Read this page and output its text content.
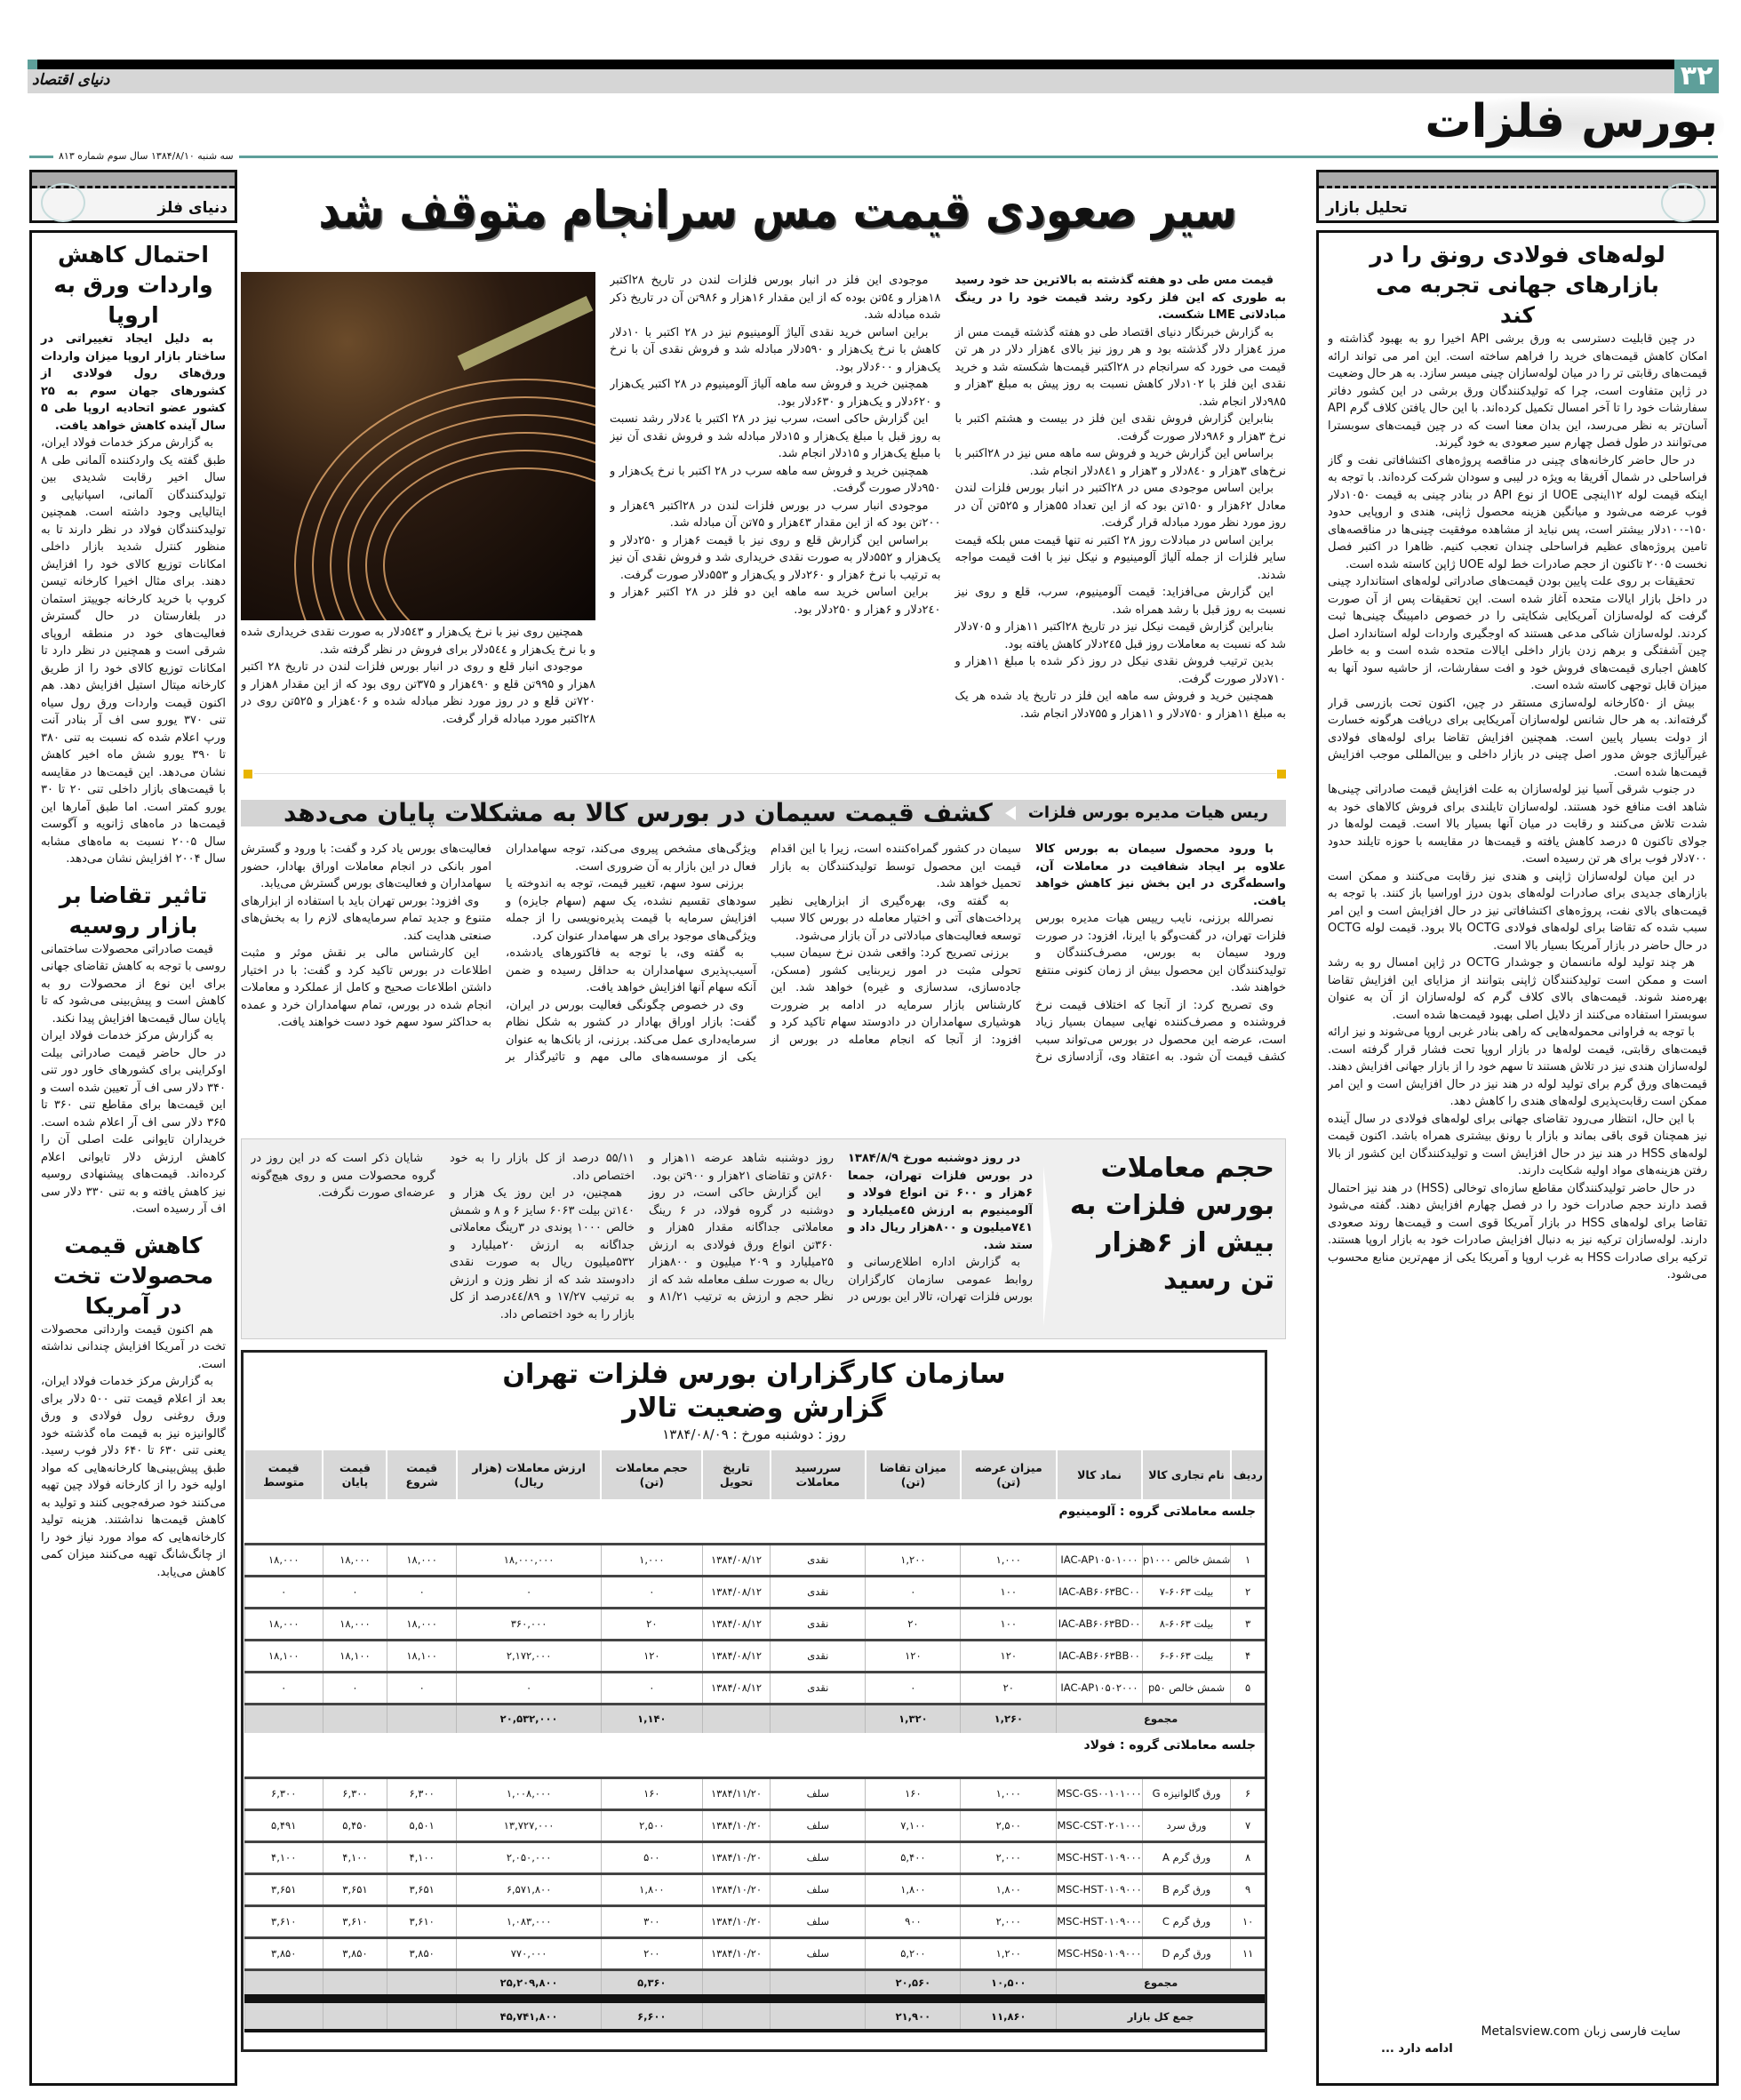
۳۲
دنیای اقتصاد
بورس فلزات
سه شنبه ۱۳۸۴/۸/۱۰ سال سوم شماره ۸۱۳
دنیای فلز
احتمال کاهش واردات ورق به اروپا

به دلیل ایجاد تغییراتی در ساختار بازار اروپا میزان واردات ورق‌های رول فولادی از کشورهای جهان سوم به ۲۵ کشور عضو اتحادیه اروپا طی ۵ سال آینده کاهش خواهد یافت.

به گزارش مرکز خدمات فولاد ایران، طبق گفته یک واردکننده آلمانی طی ۸ سال اخیر رقابت شدیدی بین تولیدکنندگان آلمانی، اسپانیایی و ایتالیایی وجود داشته است. همچنین تولیدکنندگان فولاد در نظر دارند تا به منظور کنترل شدید بازار داخلی امکانات توزیع کالای خود را افزایش دهند. برای مثال اخیرا کارخانه تیسن کروپ با خرید کارخانه جوییتز استمان در بلغارستان در حال گسترش فعالیت‌های خود در منطقه اروپای شرقی است و همچنین در نظر دارد تا امکانات توزیع کالای خود را از طریق کارخانه میتال استیل افزایش دهد. هم اکنون قیمت واردات ورق رول سیاه تنی ۳۷۰ یورو سی اف آر بنادر آنت ورپ اعلام شده که نسبت به تنی ۳۸۰ تا ۳۹۰ یورو شش ماه اخیر کاهش نشان می‌دهد. این قیمت‌ها در مقایسه با قیمت‌های بازار داخلی تنی ۲۰ تا ۳۰ یورو کمتر است. اما طبق آمارها این قیمت‌ها در ماه‌های ژانویه و آگوست سال ۲۰۰۵ نسبت به ماه‌های مشابه سال ۲۰۰۴ افزایش نشان می‌دهد.

تاثیر تقاضا بر بازار روسیه

قیمت صادراتی محصولات ساختمانی روسی با توجه به کاهش تقاضای جهانی برای این نوع از محصولات رو به کاهش است و پیش‌بینی می‌شود که تا پایان سال قیمت‌ها افزایش پیدا نکند.

به گزارش مرکز خدمات فولاد ایران در حال حاضر قیمت صادراتی بیلت اوکراینی برای کشورهای خاور دور تنی ۳۴۰ دلار سی اف آر تعیین شده است و این قیمت‌ها برای مقاطع تنی ۳۶۰ تا ۳۶۵ دلار سی اف آر اعلام شده است. خریداران تایوانی علت اصلی آن را کاهش ارزش دلار تایوانی اعلام کرده‌اند. قیمت‌های پیشنهادی روسیه نیز کاهش یافته و به تنی ۳۳۰ دلار سی اف آر رسیده است.

کاهش قیمت محصولات تخت در آمریکا

هم اکنون قیمت وارداتی محصولات تخت در آمریکا افزایش چندانی نداشته است.

به گزارش مرکز خدمات فولاد ایران، بعد از اعلام قیمت تنی ۵۰۰ دلار برای ورق روغنی رول فولادی و ورق گالوانیزه نیز به قیمت ماه گذشته خود یعنی تنی ۶۳۰ تا ۶۴۰ دلار فوب رسید. طبق پیش‌بینی‌ها کارخانه‌هایی که مواد اولیه خود را از کارخانه فولاد چین تهیه می‌کنند خود صرفه‌جویی کنند و تولید به کاهش قیمت‌ها نداشتند. هزینه تولید کارخانه‌هایی که مواد مورد نیاز خود را از چانگ‌شانگ تهیه می‌کنند میزان کمی کاهش می‌یابد.

سیر صعودی قیمت مس سرانجام متوقف شد

قیمت مس طی دو هفته گذشته به بالاترین حد خود رسید به طوری که این فلز رکود رشد قیمت خود را در رینگ مبادلاتی LME شکست.

به گزارش خبرنگار دنیای اقتصاد طی دو هفته گذشته قیمت مس از مرز ٤هزار دلار گذشته بود و هر روز نیز بالای ٤هزار دلار در هر تن قیمت می خورد که سرانجام در ۲۸اکتبر قیمت‌ها شکسته شد و خرید نقدی این فلز با ۱۰۲دلار کاهش نسبت به روز پیش به مبلغ ۳هزار و ۹۸۵دلار انجام شد.

بنابراین گزارش فروش نقدی این فلز در بیست و هشتم اکتبر با نرخ ۳هزار و ۹۸۶دلار صورت گرفت.

براساس این گزارش خرید و فروش سه ماهه مس نیز در ۲۸اکتبر با نرخ‌های ۳هزار و ۸٤۰دلار و ۳هزار و ۸٤۱دلار انجام شد.

براین اساس موجودی مس در ۲۸اکتبر در انبار بورس فلزات لندن معادل ۶۲هزار و ۱۵۰تن بود که از این تعداد ۵۵هزار و ۵۲۵تن آن در روز مورد نظر مورد مبادله قرار گرفت.

براین اساس در مبادلات روز ۲۸ اکتبر نه تنها قیمت مس بلکه قیمت سایر فلزات از جمله آلیاژ آلومینیوم و نیکل نیز با افت قیمت مواجه شدند.

این گزارش می‌افزاید: قیمت آلومینیوم، سرب، قلع و روی نیز نسبت به روز قبل با رشد همراه شد.

بنابراین گزارش قیمت نیکل نیز در تاریخ ۲۸اکتبر ۱۱هزار و ۷۰۵دلار شد که نسبت به معاملات روز قبل ۲٤۵دلار کاهش یافته بود.

بدین ترتیب فروش نقدی نیکل در روز ذکر شده با مبلغ ۱۱هزار و ۷۱۰دلار صورت گرفت.

همچنین خرید و فروش سه ماهه این فلز در تاریخ یاد شده هر یک به مبلغ ۱۱هزار و ۷۵۰دلار و ۱۱هزار و ۷۵۵دلار انجام شد.

موجودی این فلز در انبار بورس فلزات لندن در تاریخ ۲۸اکتبر ۱۸هزار و ۵٤تن بوده که از این مقدار ۱۶هزار و ۹۸۶تن آن در تاریخ ذکر شده مبادله شد.

براین اساس خرید نقدی آلیاژ آلومینیوم نیز در ۲۸ اکتبر با ۱۰دلار کاهش با نرخ یک‌هزار و ۵۹۰دلار مبادله شد و فروش نقدی آن با نرخ یک‌هزار و ۶۰۰دلار بود.

همچنین خرید و فروش سه ماهه آلیاژ آلومینیوم در ۲۸ اکتبر یک‌هزار و ۶۲۰دلار و یک‌هزار و ۶۳۰دلار بود.

این گزارش حاکی است، سرب نیز در ۲۸ اکتبر با ٤دلار رشد نسبت به روز قبل با مبلغ یک‌هزار و ۱۵دلار مبادله شد و فروش نقدی آن نیز با مبلغ یک‌هزار و ۱۵دلار انجام شد.

همچنین خرید و فروش سه ماهه سرب در ۲۸ اکتبر با نرخ یک‌هزار و ۹۵۰دلار صورت گرفت.

موجودی انبار سرب در بورس فلزات لندن در ۲۸اکتبر ٤۹هزار و ۲۰۰تن بود که از این مقدار ٤۳هزار و ۷۵تن آن مبادله شد.

براساس این گزارش قلع و روی نیز با قیمت ۶هزار و ۲۵۰دلار و یک‌هزار و ۵۵۲دلار به صورت نقدی خریداری شد و فروش نقدی آن نیز به ترتیب با نرخ ۶هزار و ۲۶۰دلار و یک‌هزار و ۵۵۳دلار صورت گرفت.

براین اساس خرید سه ماهه این دو فلز در ۲۸ اکتبر ۶هزار و ۲٤۰دلار و ۶هزار و ۲۵۰دلار بود.

همچنین روی نیز با نرخ یک‌هزار و ۵٤۳دلار به صورت نقدی خریداری شده و با نرخ یک‌هزار و ۵٤٤دلار برای فروش در نظر گرفته شد.

موجودی انبار قلع و روی در انبار بورس فلزات لندن در تاریخ ۲۸ اکتبر ۸هزار و ۹۹۵تن قلع و ٤۹۰هزار و ۳۷۵تن روی بود که از این مقدار ۸هزار و ۷۲۰تن قلع و در روز مورد نظر مبادله شده و ٤۰۶هزار و ۵۲۵تن روی در ۲۸اکتبر مورد مبادله قرار گرفت.

ریس هیات مدیره بورس فلزات
کشف قیمت سیمان در بورس کالا به مشکلات پایان می‌دهد

با ورود محصول سیمان به بورس کالا علاوه بر ایجاد شفافیت در معاملات آن، واسطه‌گری در این بخش نیز کاهش خواهد یافت.

نصرالله برزنی، نایب رییس هیات مدیره بورس فلزات تهران، در گفت‌وگو با ایرنا، افزود: در صورت ورود سیمان به بورس، مصرف‌کنندگان و تولیدکنندگان این محصول بیش از زمان کنونی منتفع خواهند شد.

وی تصریح کرد: از آنجا که اختلاف قیمت نرخ فروشنده و مصرف‌کننده نهایی سیمان بسیار زیاد است، عرضه این محصول در بورس می‌تواند سبب کشف قیمت آن شود. به اعتقاد وی، آزادسازی نرخ سیمان در کشور گمراه‌کننده است، زیرا با این اقدام قیمت این محصول توسط تولیدکنندگان به بازار تحمیل خواهد شد.

به گفته وی، بهره‌گیری از ابزارهایی نظیر پرداخت‌های آتی و اختیار معامله در بورس کالا سبب توسعه فعالیت‌های مبادلاتی در آن بازار می‌شود.

برزنی تصریح کرد: واقعی شدن نرخ سیمان سبب تحولی مثبت در امور زیربنایی کشور (مسکن، جاده‌سازی، سدسازی و غیره) خواهد شد. این کارشناس بازار سرمایه در ادامه بر ضرورت هوشیاری سهامداران در دادوستد سهام تاکید کرد و افزود: از آنجا که انجام معامله در بورس از ویژگی‌های مشخص پیروی می‌کند، توجه سهامداران فعال در این بازار به آن ضروری است.

برزنی سود سهم، تغییر قیمت، توجه به اندوخته یا سودهای تقسیم نشده، یک سهم (سهام جایزه) و افزایش سرمایه با قیمت پذیره‌نویسی را از جمله ویژگی‌های موجود برای هر سهامدار عنوان کرد.

به گفته وی، با توجه به فاکتورهای یادشده، آسیب‌پذیری سهامداران به حداقل رسیده و ضمن آنکه سهام آنها افزایش خواهد یافت.

وی در خصوص چگونگی فعالیت بورس در ایران، گفت: بازار اوراق بهادار در کشور به شکل نظام سرمایه‌داری عمل می‌کند. برزنی، از بانک‌ها به عنوان یکی از موسسه‌های مالی مهم و تاثیرگذار بر فعالیت‌های بورس یاد کرد و گفت: با ورود و گسترش امور بانکی در انجام معاملات اوراق بهادار، حضور سهامداران و فعالیت‌های بورس گسترش می‌یابد.

وی افزود: بورس تهران باید با استفاده از ابزارهای متنوع و جدید تمام سرمایه‌های لازم را به بخش‌های صنعتی هدایت کند.

این کارشناس مالی بر نقش موثر و مثبت اطلاعات در بورس تاکید کرد و گفت: با در اختیار داشتن اطلاعات صحیح و کامل از عملکرد و معاملات انجام شده در بورس، تمام سهامداران خرد و عمده به حداکثر سود سهم خود دست خواهند یافت.

حجم معاملات بورس فلزات به بیش از ۶هزار تن رسید

در روز دوشنبه مورخ ۱۳۸۴/۸/۹ در بورس فلزات تهران، جمعا ۶هزار و ۶۰۰ تن انواع فولاد و آلومینیوم به ارزش ٤۵میلیارد و ۷٤۱میلیون و ۸۰۰هزار ریال داد و ستد شد.

به گزارش اداره اطلاع‌رسانی و روابط عمومی سازمان کارگزاران بورس فلزات تهران، تالار این بورس در روز دوشنبه شاهد عرضه ۱۱هزار و ۸۶۰تن و تقاضای ۲۱هزار و ۹۰۰تن بود.

این گزارش حاکی است، در روز دوشنبه در گروه فولاد، در ۶ رینگ معاملاتی جداگانه مقدار ۵هزار و ۳۶۰تن انواع ورق فولادی به ارزش ۲۵میلیارد و ۲۰۹ میلیون و ۸۰۰هزار ریال به صورت سلف معامله شد که از نظر حجم و ارزش به ترتیب ۸۱/۲۱ و ۵۵/۱۱ درصد از کل بازار را به خود اختصاص داد.

همچنین، در این روز یک هزار و ۱٤۰تن بیلت ۶۰۶۳ سایز ۶ و ۸ و شمش خالص ۱۰۰۰ پوندی در ۳رینگ معاملاتی جداگانه به ارزش ۲۰میلیارد و ۵۳۲میلیون ریال به صورت نقدی دادوستد شد که از نظر وزن و ارزش به ترتیب ۱۷/۲۷ و ٤٤/۸۹درصد از کل بازار را به خود اختصاص داد.

شایان ذکر است که در این روز در گروه محصولات مس و روی هیچ‌گونه عرضه‌ای صورت نگرفت.

سازمان کارگزاران بورس فلزات تهران
گزارش وضعیت تالار
روز : دوشنبه مورخ : ۱۳۸۴/۰۸/۰۹
ردیف	نام تجاری کالا	نماد کالا	میزان عرضه (تن)	میزان تقاضا (تن)	سررسید معاملات	تاریخ تحویل	حجم معاملات (تن)	ارزش معاملات (هزار ریال)	قیمت شروع	قیمت پایان	قیمت متوسط
جلسه معاملاتی گروه : آلومینیوم											
۱	شمش خالص p۱۰۰۰	IAC-AP۱۰۵۰۱۰۰۰	۱,۰۰۰	۱,۲۰۰	نقدی	۱۳۸۴/۰۸/۱۲	۱,۰۰۰	۱۸,۰۰۰,۰۰۰	۱۸,۰۰۰	۱۸,۰۰۰	۱۸,۰۰۰
۲	بیلت ۶۰۶۳-۷	IAC-AB۶۰۶۳BC۰۰	۱۰۰	۰	نقدی	۱۳۸۴/۰۸/۱۲	۰	۰	۰	۰	۰
۳	بیلت ۶۰۶۳-۸	IAC-AB۶۰۶۳BD۰۰	۱۰۰	۲۰	نقدی	۱۳۸۴/۰۸/۱۲	۲۰	۳۶۰,۰۰۰	۱۸,۰۰۰	۱۸,۰۰۰	۱۸,۰۰۰
۴	بیلت ۶۰۶۳-۶	IAC-AB۶۰۶۳BB۰۰	۱۲۰	۱۲۰	نقدی	۱۳۸۴/۰۸/۱۲	۱۲۰	۲,۱۷۲,۰۰۰	۱۸,۱۰۰	۱۸,۱۰۰	۱۸,۱۰۰
۵	شمش خالص p۵۰	IAC-AP۱۰۵۰۲۰۰۰	۲۰	۰	نقدی	۱۳۸۴/۰۸/۱۲	۰	۰	۰	۰	۰
مجموع			۱,۲۶۰	۱,۳۲۰			۱,۱۴۰	۲۰,۵۳۲,۰۰۰			
جلسه معاملاتی گروه : فولاد											
۶	ورق گالوانیزه G	MSC-GS۰۰۱۰۱۰۰۰	۱,۰۰۰	۱۶۰	سلف	۱۳۸۴/۱۱/۲۰	۱۶۰	۱,۰۰۸,۰۰۰	۶,۳۰۰	۶,۳۰۰	۶,۳۰۰
۷	ورق سرد	MSC-CST۰۲۰۱۰۰۰	۲,۵۰۰	۷,۱۰۰	سلف	۱۳۸۴/۱۰/۲۰	۲,۵۰۰	۱۳,۷۲۷,۰۰۰	۵,۵۰۱	۵,۴۵۰	۵,۴۹۱
۸	ورق گرم A	MSC-HST۰۱۰۹۰۰۰	۲,۰۰۰	۵,۴۰۰	سلف	۱۳۸۴/۱۰/۲۰	۵۰۰	۲,۰۵۰,۰۰۰	۴,۱۰۰	۴,۱۰۰	۴,۱۰۰
۹	ورق گرم B	MSC-HST۰۱۰۹۰۰۰	۱,۸۰۰	۱,۸۰۰	سلف	۱۳۸۴/۱۰/۲۰	۱,۸۰۰	۶,۵۷۱,۸۰۰	۳,۶۵۱	۳,۶۵۱	۳,۶۵۱
۱۰	ورق گرم C	MSC-HST۰۱۰۹۰۰۰	۲,۰۰۰	۹۰۰	سلف	۱۳۸۴/۱۰/۲۰	۳۰۰	۱,۰۸۳,۰۰۰	۳,۶۱۰	۳,۶۱۰	۳,۶۱۰
۱۱	ورق گرم D	MSC-HS۵۰۱۰۹۰۰۰	۱,۲۰۰	۵,۲۰۰	سلف	۱۳۸۴/۱۰/۲۰	۲۰۰	۷۷۰,۰۰۰	۳,۸۵۰	۳,۸۵۰	۳,۸۵۰
مجموع			۱۰,۵۰۰	۲۰,۵۶۰			۵,۳۶۰	۲۵,۲۰۹,۸۰۰			
جمع کل بازار			۱۱,۸۶۰	۲۱,۹۰۰			۶,۶۰۰	۴۵,۷۴۱,۸۰۰			
تحلیل بازار
لوله‌های فولادی رونق را در بازارهای جهانی تجربه می کند

در چین قابلیت دسترسی به ورق برشی API اخیرا رو به بهبود گذاشته و امکان کاهش قیمت‌های خرید را فراهم ساخته است. این امر می تواند ارائه قیمت‌های رقابتی تر را در میان لوله‌سازان چینی میسر سازد. به هر حال وضعیت در ژاپن متفاوت است، چرا که تولیدکنندگان ورق برشی در این کشور دفاتر سفارشات خود را تا آخر امسال تکمیل کرده‌اند. با این حال یافتن کلاف گرم API آسان‌تر به نظر می‌رسد، این بدان معنا است که در چین قیمت‌های سوبسترا می‌توانند در طول فصل چهارم سیر صعودی به خود گیرند.

در حال حاضر کارخانه‌های چینی در مناقصه پروژه‌های اکتشافاتی نفت و گاز فراساحلی در شمال آفریقا به ویژه در لیبی و سودان شرکت کرده‌اند. با توجه به اینکه قیمت لوله ۱۲اینچی UOE از نوع API در بنادر چینی به قیمت ۱۰۵۰دلار فوب عرضه می‌شود و میانگین هزینه محصول ژاپنی، هندی و اروپایی حدود ۱۵۰-۱۰۰دلار بیشتر است، پس نباید از مشاهده موفقیت چینی‌ها در مناقصه‌های تامین پروژه‌های عظیم فراساحلی چندان تعجب کنیم. ظاهرا در اکتبر فصل نخست ۲۰۰۵ تاکنون از حجم صادرات خط لوله UOE ژاپن کاسته شده است.

تحقیقات بر روی علت پایین بودن قیمت‌های صادراتی لوله‌های استاندارد چینی در داخل بازار ایالات متحده آغاز شده است. این تحقیقات پس از آن صورت گرفت که لوله‌سازان آمریکایی شکایتی را در خصوص دامپینگ چینی‌ها ثبت کردند. لوله‌سازان شاکی مدعی هستند که اوجگیری واردات لوله استاندارد اصل چین آشفتگی و برهم زدن بازار داخلی ایالات متحده شده است و به خاطر کاهش اجباری قیمت‌های فروش خود و افت سفارشات، از حاشیه سود آنها به میزان قابل توجهی کاسته شده است.

بیش از ۵۰کارخانه لوله‌سازی مستقر در چین، اکنون تحت بازرسی قرار گرفته‌اند. به هر حال شانس لوله‌سازان آمریکایی برای دریافت هرگونه خسارت از دولت بسیار پایین است. همچنین افزایش تقاضا برای لوله‌های فولادی غیرآلیاژی جوش مدور اصل چینی در بازار داخلی و بین‌المللی موجب افزایش قیمت‌ها شده است.

در جنوب شرقی آسیا نیز لوله‌سازان به علت افزایش قیمت صادراتی چینی‌ها شاهد افت منافع خود هستند. لوله‌سازان تایلندی برای فروش کالاهای خود به شدت تلاش می‌کنند و رقابت در میان آنها بسیار بالا است. قیمت لوله‌ها در جولای تاکنون ۵ درصد کاهش یافته و قیمت‌ها در مقایسه با حوزه تایلند حدود ۷۰۰دلار فوب برای هر تن رسیده است.

در این میان لوله‌سازان ژاپنی و هندی نیز رقابت می‌کنند و ممکن است بازارهای جدیدی برای صادرات لوله‌های بدون درز اوراسیا باز کنند. با توجه به قیمت‌های بالای نفت، پروژه‌های اکتشافاتی نیز در حال افزایش است و این امر سبب شده که تقاضا برای لوله‌های فولادی OCTG بالا برود. قیمت لوله OCTG در حال حاضر در بازار آمریکا بسیار بالا است.

هر چند تولید لوله مانسمان و جوشدار OCTG در ژاپن امسال رو به رشد است و ممکن است تولیدکنندگان ژاپنی بتوانند از مزایای این افزایش تقاضا بهره‌مند شوند. قیمت‌های بالای کلاف گرم که لوله‌سازان از آن به عنوان سوبسترا استفاده می‌کنند از دلایل اصلی بهبود قیمت‌ها شده است.

با توجه به فراوانی محموله‌هایی که راهی بنادر غربی اروپا می‌شوند و نیز ارائه قیمت‌های رقابتی، قیمت لوله‌ها در بازار اروپا تحت فشار قرار گرفته است. لوله‌سازان هندی نیز در تلاش هستند تا سهم خود را از بازار جهانی افزایش دهند. قیمت‌های ورق گرم برای تولید لوله در هند نیز در حال افزایش است و این امر ممکن است رقابت‌پذیری لوله‌های هندی را کاهش دهد.

با این حال، انتظار می‌رود تقاضای جهانی برای لوله‌های فولادی در سال آینده نیز همچنان قوی باقی بماند و بازار با رونق بیشتری همراه باشد. اکنون قیمت لوله‌های HSS در هند نیز در حال افزایش است و تولیدکنندگان این کشور از بالا رفتن هزینه‌های مواد اولیه شکایت دارند.

در حال حاضر تولیدکنندگان مقاطع سازه‌ای توخالی (HSS) در هند نیز احتمال قصد دارند حجم صادرات خود را در فصل چهارم افزایش دهند. گفته می‌شود تقاضا برای لوله‌های HSS در بازار آمریکا قوی است و قیمت‌ها روند صعودی دارند. لوله‌سازان ترکیه نیز به دنبال افزایش صادرات خود به بازار اروپا هستند. ترکیه برای صادرات HSS به غرب اروپا و آمریکا یکی از مهم‌ترین منابع محسوب می‌شود.

سایت فارسی زبان Metalsview.com
ادامه دارد ...
